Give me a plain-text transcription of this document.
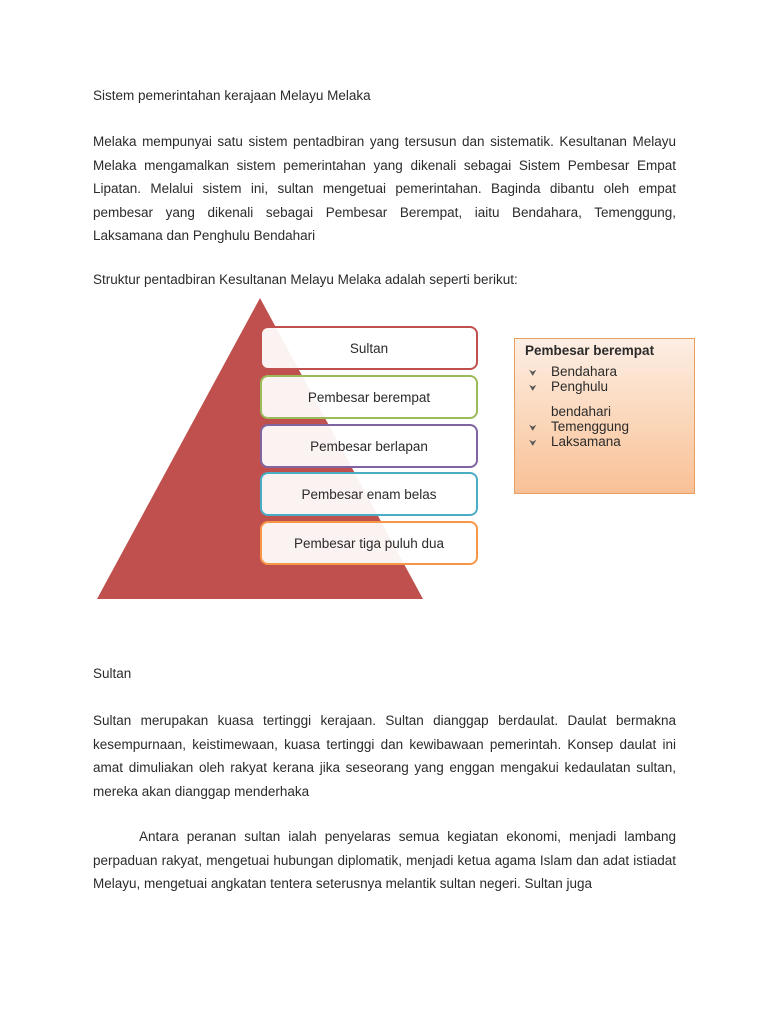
Sistem pemerintahan kerajaan Melayu Melaka

Melaka mempunyai satu sistem pentadbiran yang tersusun dan sistematik. Kesultanan Melayu Melaka mengamalkan sistem pemerintahan yang dikenali sebagai Sistem Pembesar Empat Lipatan. Melalui sistem ini, sultan mengetuai pemerintahan. Baginda dibantu oleh empat pembesar yang dikenali sebagai Pembesar Berempat, iaitu Bendahara, Temenggung, Laksamana dan Penghulu Bendahari

Struktur pentadbiran Kesultanan Melayu Melaka adalah seperti berikut:

Sultan
Pembesar berempat
Pembesar berlapan
Pembesar enam belas
Pembesar tiga puluh dua
Pembesar berempat
⮟ Bendahara
⮟ Penghulu
bendahari
⮟ Temenggung
⮟ Laksamana
Sultan

Sultan merupakan kuasa tertinggi kerajaan. Sultan dianggap berdaulat. Daulat bermakna kesempurnaan, keistimewaan, kuasa tertinggi dan kewibawaan pemerintah. Konsep daulat ini amat dimuliakan oleh rakyat kerana jika seseorang yang enggan mengakui kedaulatan sultan, mereka akan dianggap menderhaka

Antara peranan sultan ialah penyelaras semua kegiatan ekonomi, menjadi lambang perpaduan rakyat, mengetuai hubungan diplomatik, menjadi ketua agama Islam dan adat istiadat Melayu, mengetuai angkatan tentera seterusnya melantik sultan negeri. Sultan juga
